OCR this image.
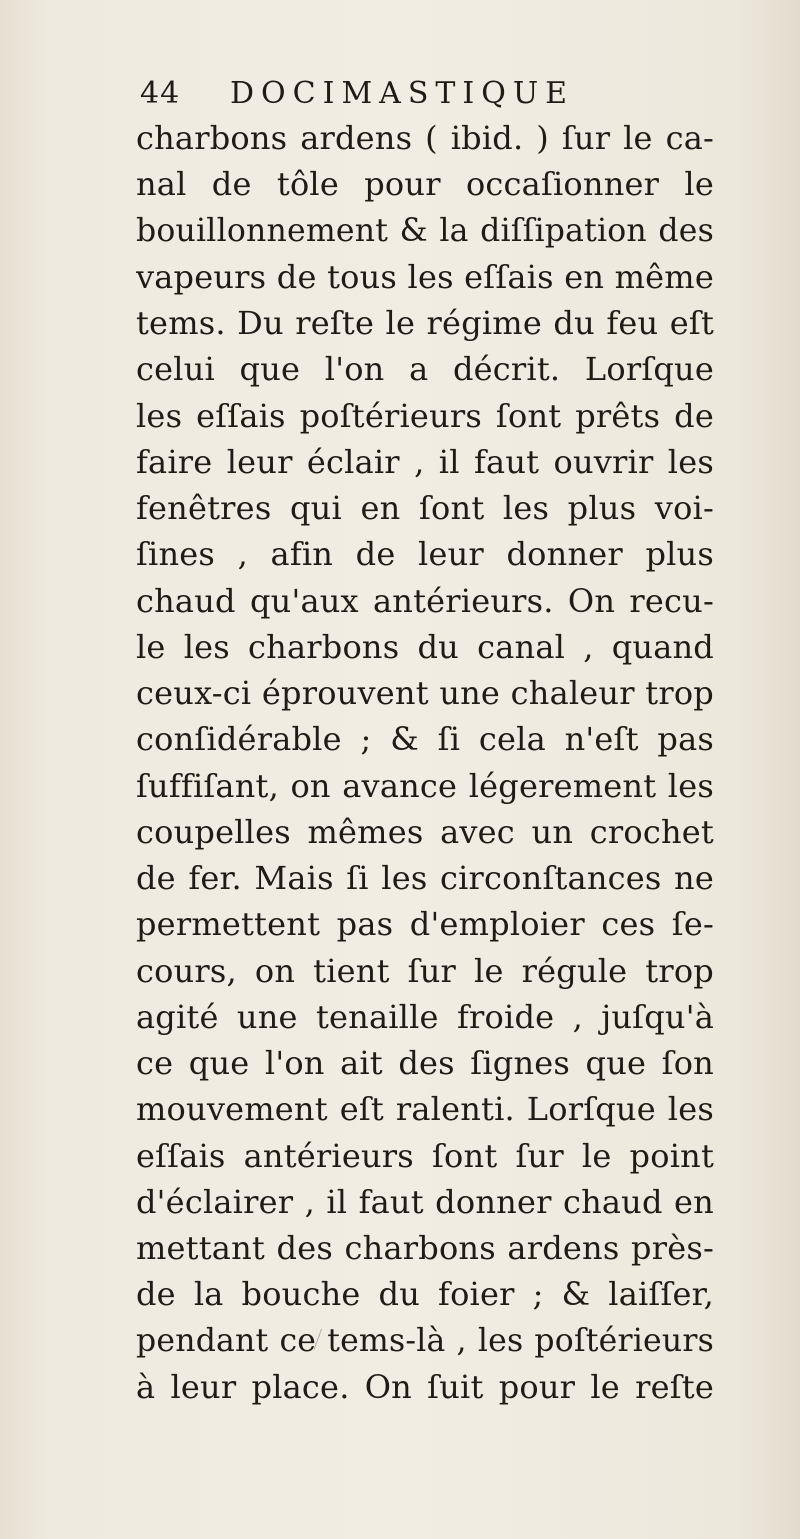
44 DOCIMASTIQUE
charbons ardens ( ibid. ) ſur le ca-
nal de tôle pour occaſionner le
bouillonnement & la diſſipation des
vapeurs de tous les eſſais en même
tems. Du reſte le régime du feu eſt
celui que l'on a décrit. Lorſque
les eſſais poſtérieurs ſont prêts de
faire leur éclair , il faut ouvrir les
fenêtres qui en ſont les plus voi-
ſines , afin de leur donner plus
chaud qu'aux antérieurs. On recu-
le les charbons du canal , quand
ceux-ci éprouvent une chaleur trop
conſidérable ; & ſi cela n'eſt pas
ſuffiſant, on avance légerement les
coupelles mêmes avec un crochet
de fer. Mais ſi les circonſtances ne
permettent pas d'emploier ces ſe-
cours, on tient ſur le régule trop
agité une tenaille froide , juſqu'à
ce que l'on ait des ſignes que ſon
mouvement eſt ralenti. Lorſque les
eſſais antérieurs ſont ſur le point
d'éclairer , il faut donner chaud en
mettant des charbons ardens près-
de la bouche du foier ; & laiſſer,
pendant ce tems-là , les poſtérieurs
à leur place. On ſuit pour le reſte
